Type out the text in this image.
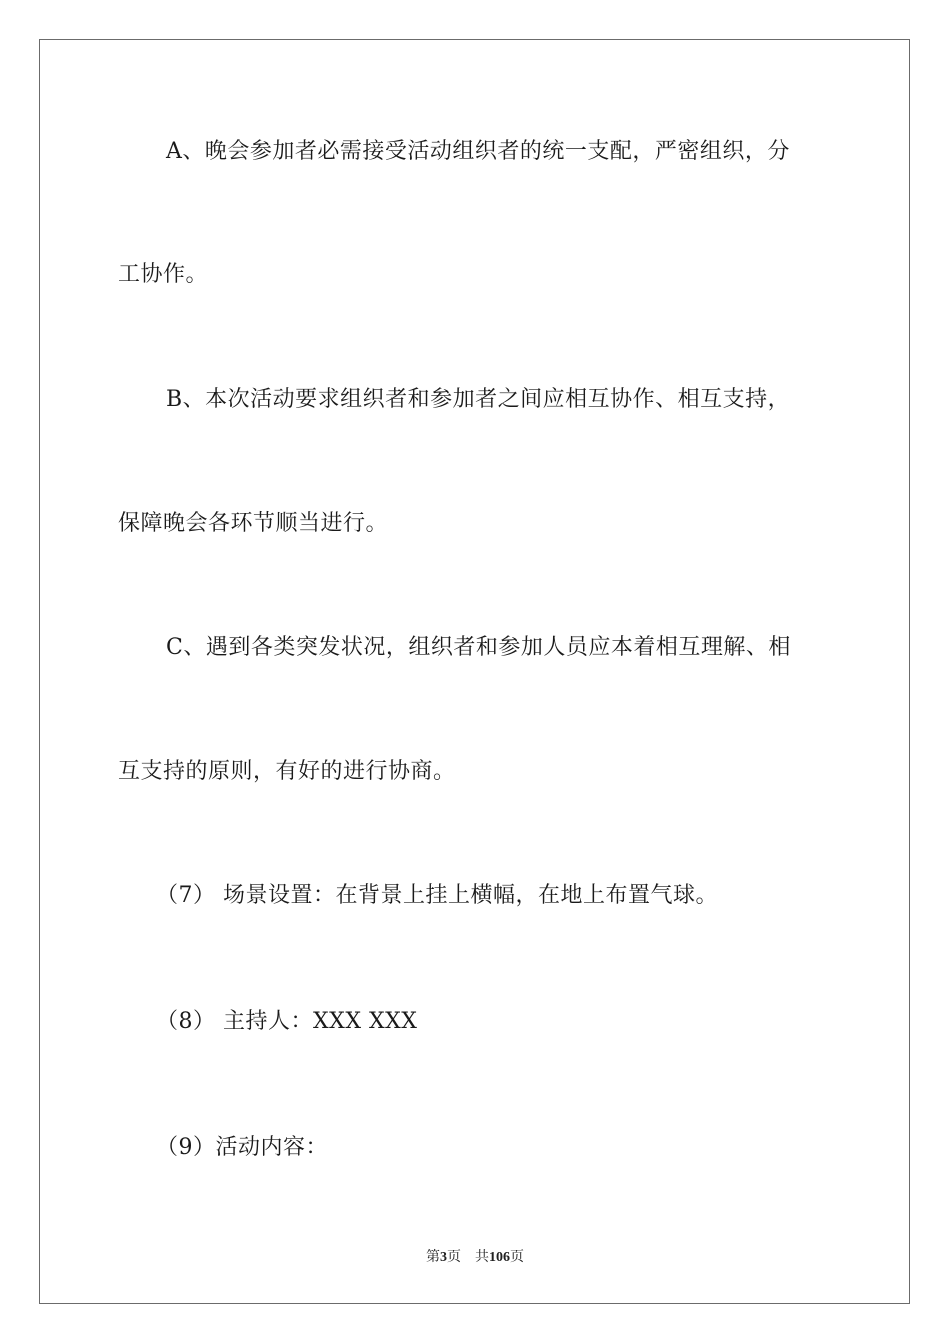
A、晚会参加者必需接受活动组织者的统一支配，严密组织，分
工协作。
B、本次活动要求组织者和参加者之间应相互协作、相互支持，
保障晚会各环节顺当进行。
C、遇到各类突发状况，组织者和参加人员应本着相互理解、相
互支持的原则，有好的进行协商。
（7） 场景设置：在背景上挂上横幅，在地上布置气球。
（8） 主持人：XXX XXX
（9）活动内容：
第3页 共106页
